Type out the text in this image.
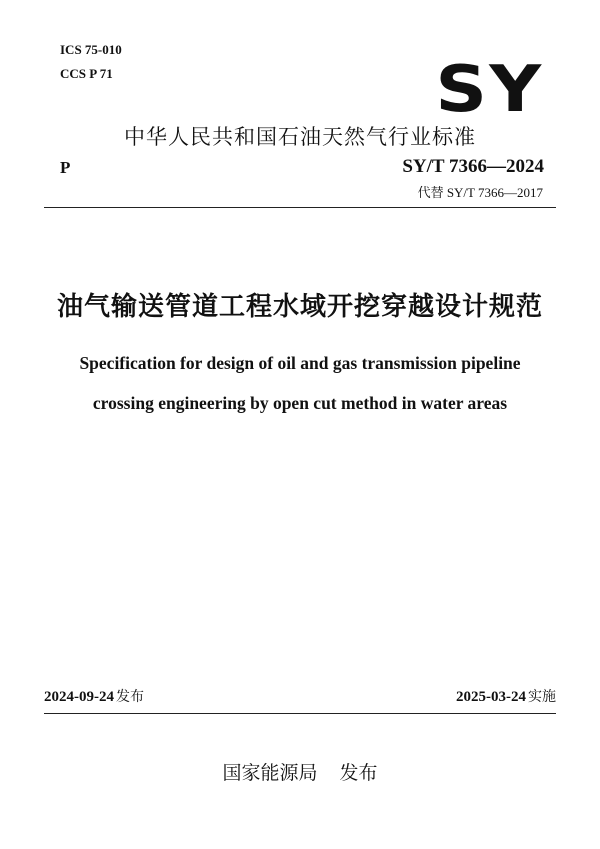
ICS 75-010
CCS P 71	SY
中华人民共和国石油天然气行业标准
P	SY/T 7366—2024
代替 SY/T 7366—2017
油气输送管道工程水域开挖穿越设计规范
Specification for design of oil and gas transmission pipeline
crossing engineering by open cut method in water areas
2024-09-24 发布	2025-03-24 实施
国家能源局 发布
